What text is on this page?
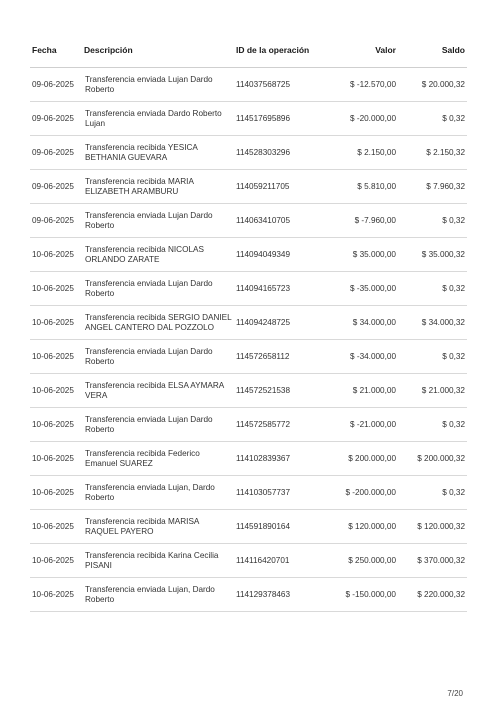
Fecha	Descripción	ID de la operación	Valor	Saldo
09-06-2025	Transferencia enviada Lujan Dardo Roberto	114037568725	$ -12.570,00	$ 20.000,32
09-06-2025	Transferencia enviada Dardo Roberto Lujan	114517695896	$ -20.000,00	$ 0,32
09-06-2025	Transferencia recibida YESICA BETHANIA GUEVARA	114528303296	$ 2.150,00	$ 2.150,32
09-06-2025	Transferencia recibida MARIA ELIZABETH ARAMBURU	114059211705	$ 5.810,00	$ 7.960,32
09-06-2025	Transferencia enviada Lujan Dardo Roberto	114063410705	$ -7.960,00	$ 0,32
10-06-2025	Transferencia recibida NICOLAS ORLANDO ZARATE	114094049349	$ 35.000,00	$ 35.000,32
10-06-2025	Transferencia enviada Lujan Dardo Roberto	114094165723	$ -35.000,00	$ 0,32
10-06-2025	Transferencia recibida SERGIO DANIEL ANGEL CANTERO DAL POZZOLO	114094248725	$ 34.000,00	$ 34.000,32
10-06-2025	Transferencia enviada Lujan Dardo Roberto	114572658112	$ -34.000,00	$ 0,32
10-06-2025	Transferencia recibida ELSA AYMARA VERA	114572521538	$ 21.000,00	$ 21.000,32
10-06-2025	Transferencia enviada Lujan Dardo Roberto	114572585772	$ -21.000,00	$ 0,32
10-06-2025	Transferencia recibida Federico Emanuel SUAREZ	114102839367	$ 200.000,00	$ 200.000,32
10-06-2025	Transferencia enviada Lujan, Dardo Roberto	114103057737	$ -200.000,00	$ 0,32
10-06-2025	Transferencia recibida MARISA RAQUEL PAYERO	114591890164	$ 120.000,00	$ 120.000,32
10-06-2025	Transferencia recibida Karina Cecilia PISANI	114116420701	$ 250.000,00	$ 370.000,32
10-06-2025	Transferencia enviada Lujan, Dardo Roberto	114129378463	$ -150.000,00	$ 220.000,32
7/20
